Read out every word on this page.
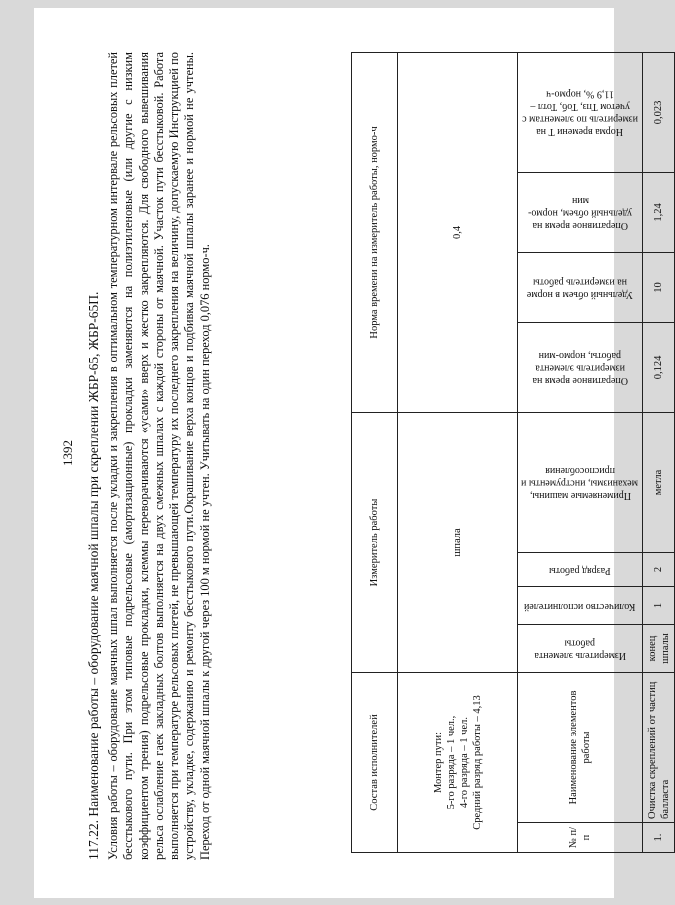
1392 117.22. Наименование работы – оборудование маячной шпалы при скреплении ЖБР-65, ЖБР-65П. Условия работы – оборудование маячных шпал выполняется после укладки и закрепления в оптимальном температурном интервале рельсовых плетей бесстыкового пути. При этом типовые подрельсовые (амортизационные) прокладки заменяются на полиэтиленовые (или другие с низким коэффициентом трения) подрельсовые прокладки, клеммы переворачиваются «усами» вверх и жестко закрепляются. Для свободного вывешивания рельса ослабление гаек закладных болтов выполняется на двух смежных шпалах с каждой стороны от маячной. Участок пути бесстыковой. Работа выполняется при температуре рельсовых плетей, не превышающей температуру их последнего закрепления на величину, допускаемую Инструкцией по устройству, укладке, содержанию и ремонту бесстыкового пути.Окрашивание верха концов и подбивка маячной шпалы заранее и нормой не учтены. Переход от одной маячной шпалы к другой через 100 м нормой не учтен. Учитывать на один переход 0,076 нормо-ч.	Состав исполнителей		Измеритель работы				Норма времени на измеритель работы, нормо-ч			

Монтер пути: 5-го разряда – 1 чел., 4-го разряда – 1 чел. Средний разряд работы – 4,13		шпала				0,4			
№ п/п	Наименование элементов работы	Измеритель элемента работы	Количество исполнителей	Разряд работы	Применяемые машины, механизмы, инструменты и приспособления	Оперативное время на измеритель элемента работы, нормо-мин	Удельный объем в норме на измеритель работы	Оперативное время на удельный объем, нормо-мин	Норма времени Т на измеритель по элементам с учетом Тпз, Тоб, Тотл – 11,9 %, нормо-ч

1.	Очистка скреплений от частиц балласта	конец шпалы	1	2	метла	0,124	10	1,24	0,023
